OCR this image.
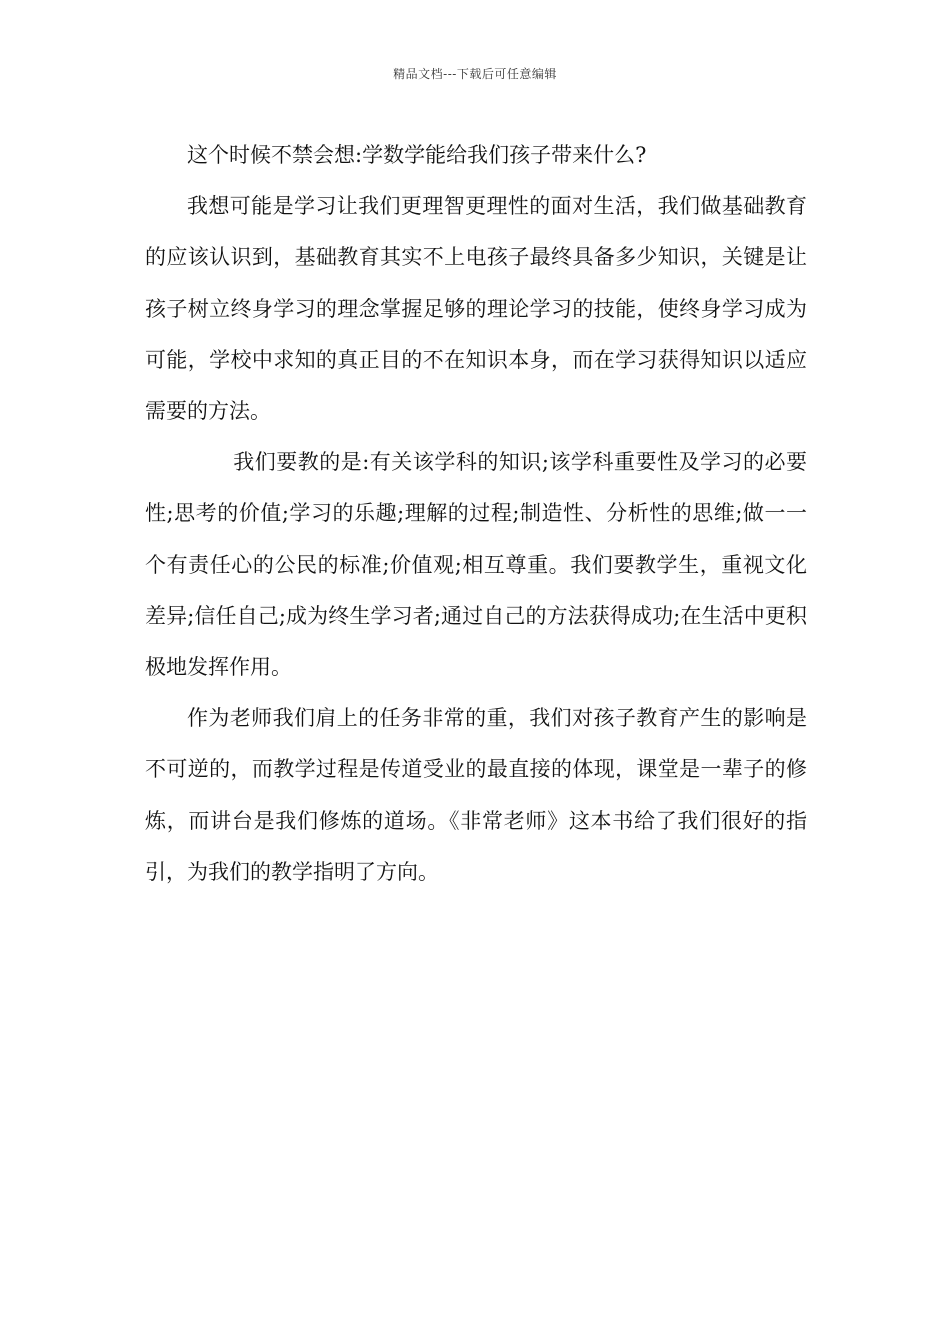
精品文档---下载后可任意编辑

这个时候不禁会想:学数学能给我们孩子带来什么?

我想可能是学习让我们更理智更理性的面对生活，我们做基础教育的应该认识到，基础教育其实不上电孩子最终具备多少知识，关键是让孩子树立终身学习的理念掌握足够的理论学习的技能，使终身学习成为可能，学校中求知的真正目的不在知识本身，而在学习获得知识以适应需要的方法。

我们要教的是:有关该学科的知识;该学科重要性及学习的必要性;思考的价值;学习的乐趣;理解的过程;制造性、分析性的思维;做一一个有责任心的公民的标准;价值观;相互尊重。我们要教学生，重视文化差异;信任自己;成为终生学习者;通过自己的方法获得成功;在生活中更积极地发挥作用。

作为老师我们肩上的任务非常的重，我们对孩子教育产生的影响是不可逆的，而教学过程是传道受业的最直接的体现，课堂是一辈子的修炼，而讲台是我们修炼的道场。《非常老师》这本书给了我们很好的指引，为我们的教学指明了方向。
